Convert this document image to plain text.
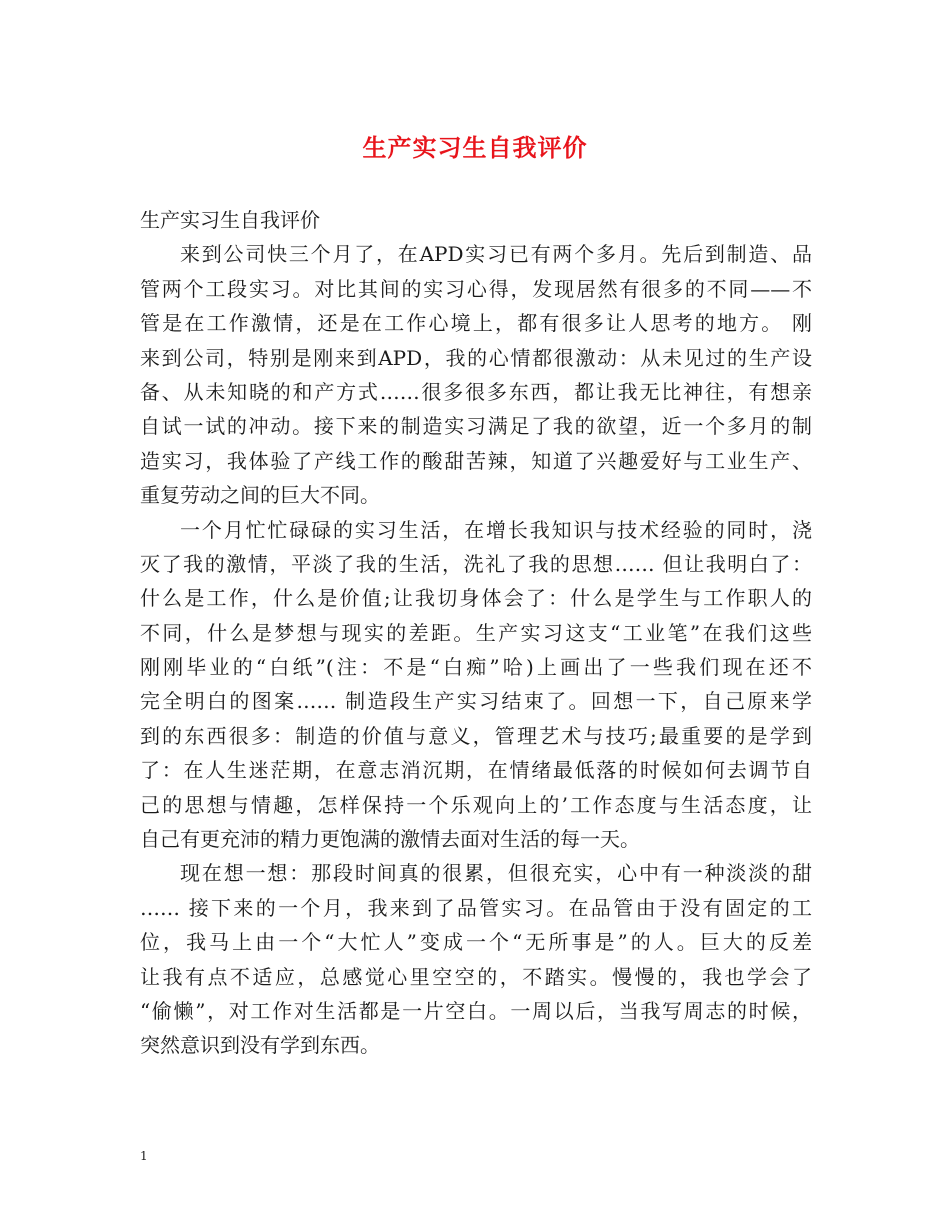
生产实习生自我评价
生产实习生自我评价
来到公司快三个月了，在APD实习已有两个多月。先后到制造、品
管两个工段实习。对比其间的实习心得，发现居然有很多的不同——不
管是在工作激情，还是在工作心境上，都有很多让人思考的地方。 刚
来到公司，特别是刚来到APD，我的心情都很激动：从未见过的生产设
备、从未知晓的和产方式……很多很多东西，都让我无比神往，有想亲
自试一试的冲动。接下来的制造实习满足了我的欲望，近一个多月的制
造实习，我体验了产线工作的酸甜苦辣，知道了兴趣爱好与工业生产、
重复劳动之间的巨大不同。
一个月忙忙碌碌的实习生活，在增长我知识与技术经验的同时，浇
灭了我的激情，平淡了我的生活，洗礼了我的思想…… 但让我明白了：
什么是工作，什么是价值;让我切身体会了：什么是学生与工作职人的
不同，什么是梦想与现实的差距。生产实习这支“工业笔”在我们这些
刚刚毕业的“白纸”(注：不是“白痴”哈)上画出了一些我们现在还不
完全明白的图案…… 制造段生产实习结束了。回想一下，自己原来学
到的东西很多：制造的价值与意义，管理艺术与技巧;最重要的是学到
了：在人生迷茫期，在意志消沉期，在情绪最低落的时候如何去调节自
己的思想与情趣，怎样保持一个乐观向上的’工作态度与生活态度，让
自己有更充沛的精力更饱满的激情去面对生活的每一天。
现在想一想：那段时间真的很累，但很充实，心中有一种淡淡的甜
…… 接下来的一个月，我来到了品管实习。在品管由于没有固定的工
位，我马上由一个“大忙人”变成一个“无所事是”的人。巨大的反差
让我有点不适应，总感觉心里空空的，不踏实。慢慢的，我也学会了
“偷懒”，对工作对生活都是一片空白。一周以后，当我写周志的时候，
突然意识到没有学到东西。
1
